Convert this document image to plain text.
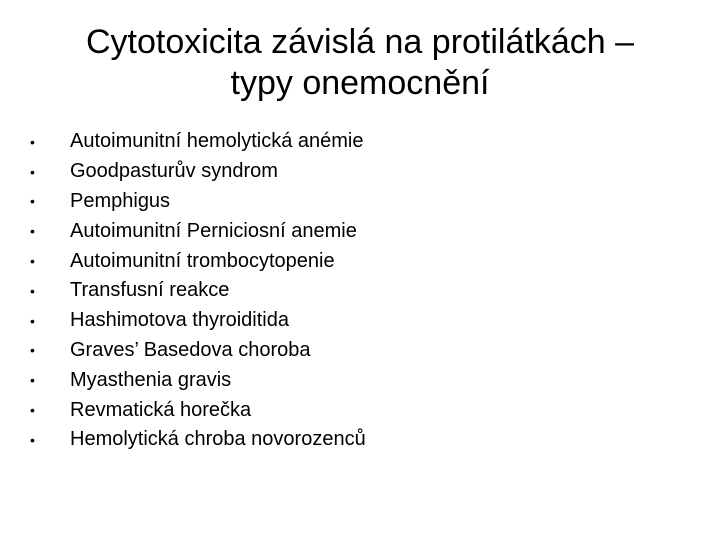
Cytotoxicita závislá na protilátkách –
typy onemocnění
•	Autoimunitní hemolytická anémie
•	Goodpasturův syndrom
•	Pemphigus
•	Autoimunitní Perniciosní anemie
•	Autoimunitní trombocytopenie
•	Transfusní reakce
•	Hashimotova thyroiditida
•	Graves’ Basedova choroba
•	Myasthenia gravis
•	Revmatická horečka
•	Hemolytická chroba novorozenců
